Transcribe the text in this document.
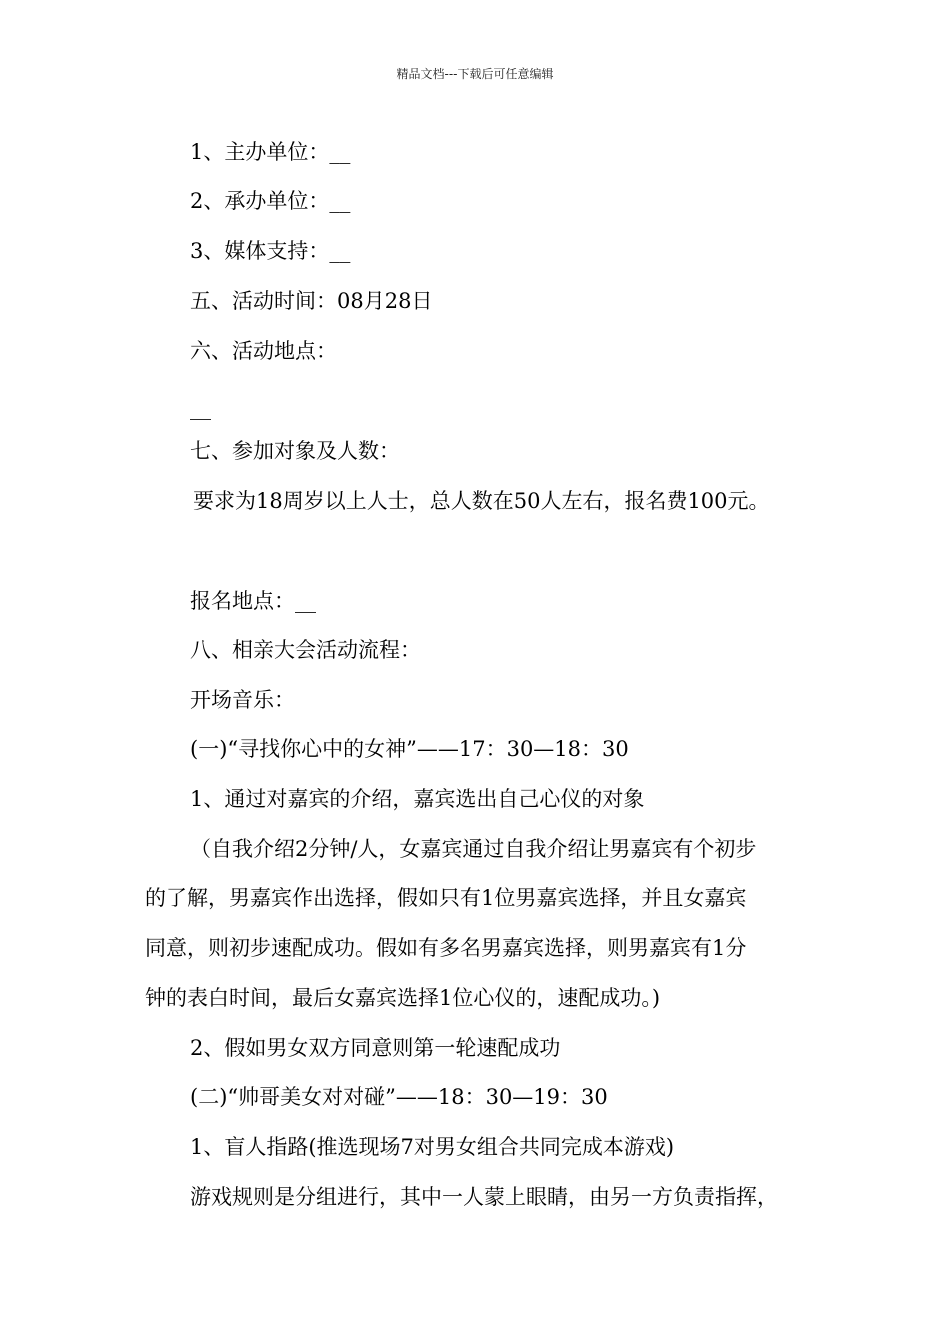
精品文档---下载后可任意编辑
1、主办单位：__
2、承办单位：__
3、媒体支持：__
五、活动时间：08月28日
六、活动地点：
__
七、参加对象及人数：
要求为18周岁以上人士，总人数在50人左右，报名费100元。
报名地点：__
八、相亲大会活动流程：
开场音乐：
(一)“寻找你心中的女神”——17：30—18：30
1、通过对嘉宾的介绍，嘉宾选出自己心仪的对象
（自我介绍2分钟/人，女嘉宾通过自我介绍让男嘉宾有个初步
的了解，男嘉宾作出选择，假如只有1位男嘉宾选择，并且女嘉宾
同意，则初步速配成功。假如有多名男嘉宾选择，则男嘉宾有1分
钟的表白时间，最后女嘉宾选择1位心仪的，速配成功。)
2、假如男女双方同意则第一轮速配成功
(二)“帅哥美女对对碰”——18：30—19：30
1、盲人指路(推选现场7对男女组合共同完成本游戏)
游戏规则是分组进行，其中一人蒙上眼睛，由另一方负责指挥，
